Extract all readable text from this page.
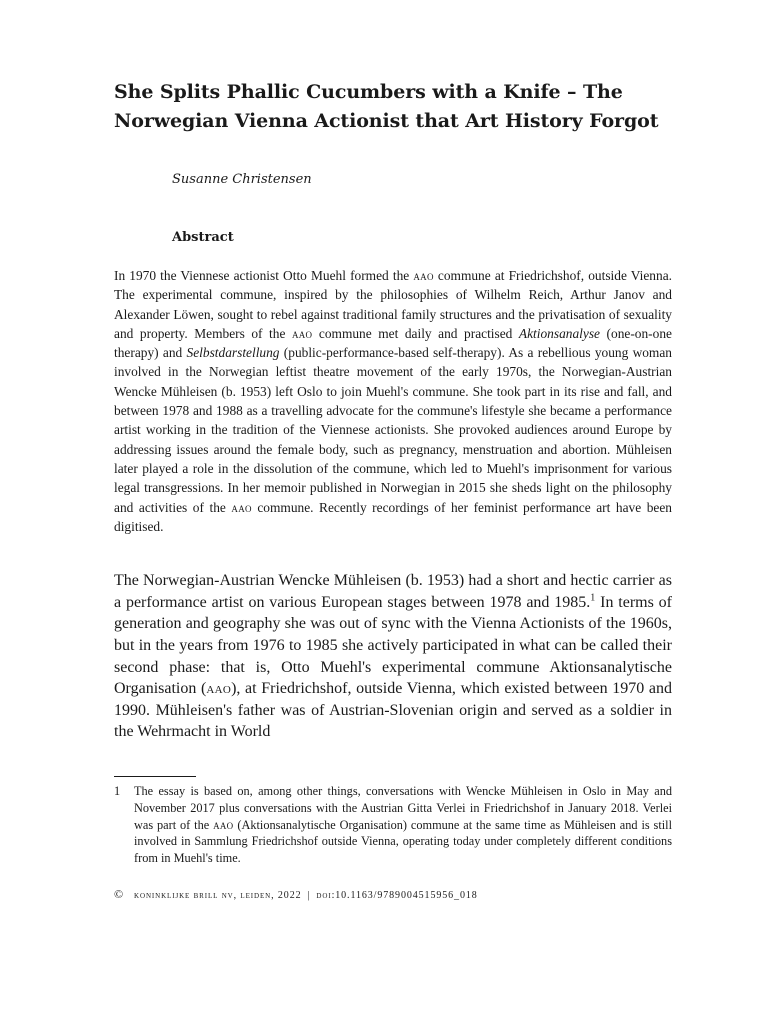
She Splits Phallic Cucumbers with a Knife – The Norwegian Vienna Actionist that Art History Forgot
Susanne Christensen
Abstract

In 1970 the Viennese actionist Otto Muehl formed the aao commune at Friedrichshof, outside Vienna. The experimental commune, inspired by the philosophies of Wilhelm Reich, Arthur Janov and Alexander Löwen, sought to rebel against traditional family structures and the privatisation of sexuality and property. Members of the aao commune met daily and practised Aktionsanalyse (one-on-one therapy) and Selbstdarstellung (public-performance-based self-therapy). As a rebellious young woman involved in the Norwegian leftist theatre movement of the early 1970s, the Norwegian-Austrian Wencke Mühleisen (b. 1953) left Oslo to join Muehl's commune. She took part in its rise and fall, and between 1978 and 1988 as a travelling advocate for the commune's lifestyle she became a performance artist working in the tradition of the Viennese actionists. She provoked audiences around Europe by addressing issues around the female body, such as pregnancy, menstruation and abortion. Mühleisen later played a role in the dissolution of the commune, which led to Muehl's imprisonment for various legal transgressions. In her memoir published in Norwegian in 2015 she sheds light on the philosophy and activities of the aao commune. Recently recordings of her feminist performance art have been digitised.

The Norwegian-Austrian Wencke Mühleisen (b. 1953) had a short and hectic carrier as a performance artist on various European stages between 1978 and 1985.$^1$ In terms of generation and geography she was out of sync with the Vienna Actionists of the 1960s, but in the years from 1976 to 1985 she actively participated in what can be called their second phase: that is, Otto Muehl's experimental commune Aktionsanalytische Organisation (aao), at Friedrichshof, outside Vienna, which existed between 1970 and 1990. Mühleisen's father was of Austrian-Slovenian origin and served as a soldier in the Wehrmacht in World

1 The essay is based on, among other things, conversations with Wencke Mühleisen in Oslo in May and November 2017 plus conversations with the Austrian Gitta Verlei in Friedrichshof in January 2018. Verlei was part of the aao (Aktionsanalytische Organisation) commune at the same time as Mühleisen and is still involved in Sammlung Friedrichshof outside Vienna, operating today under completely different conditions from in Muehl's time.
© koninklijke brill nv, leiden, 2022 | doi:10.1163/9789004515956_018
